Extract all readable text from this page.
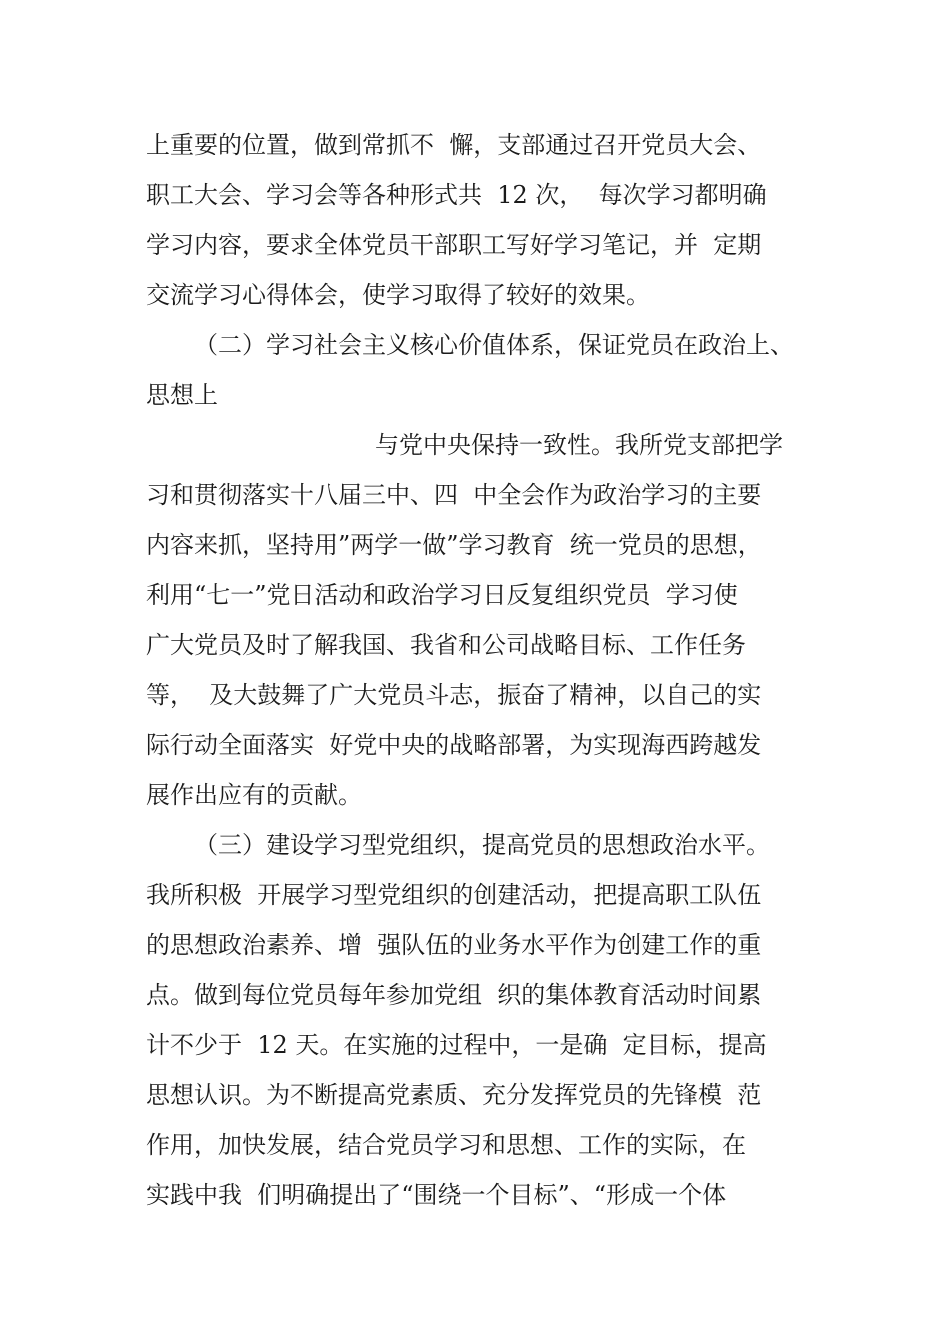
上重要的位置，做到常抓不  懈，支部通过召开党员大会、
职工大会、学习会等各种形式共  12 次，  每次学习都明确
学习内容，要求全体党员干部职工写好学习笔记，并  定期
交流学习心得体会，使学习取得了较好的效果。
（二）学习社会主义核心价值体系，保证党员在政治上、
思想上
与党中央保持一致性。我所党支部把学
习和贯彻落实十八届三中、四  中全会作为政治学习的主要
内容来抓，坚持用”两学一做”学习教育  统一党员的思想，
利用“七一”党日活动和政治学习日反复组织党员  学习使
广大党员及时了解我国、我省和公司战略目标、工作任务
等，  及大鼓舞了广大党员斗志，振奋了精神，以自己的实
际行动全面落实  好党中央的战略部署，为实现海西跨越发
展作出应有的贡献。
（三）建设学习型党组织，提高党员的思想政治水平。
我所积极  开展学习型党组织的创建活动，把提高职工队伍
的思想政治素养、增  强队伍的业务水平作为创建工作的重
点。做到每位党员每年参加党组  织的集体教育活动时间累
计不少于  12 天。在实施的过程中，一是确  定目标，提高
思想认识。为不断提高党素质、充分发挥党员的先锋模  范
作用，加快发展，结合党员学习和思想、工作的实际，在
实践中我  们明确提出了“围绕一个目标”、“形成一个体
